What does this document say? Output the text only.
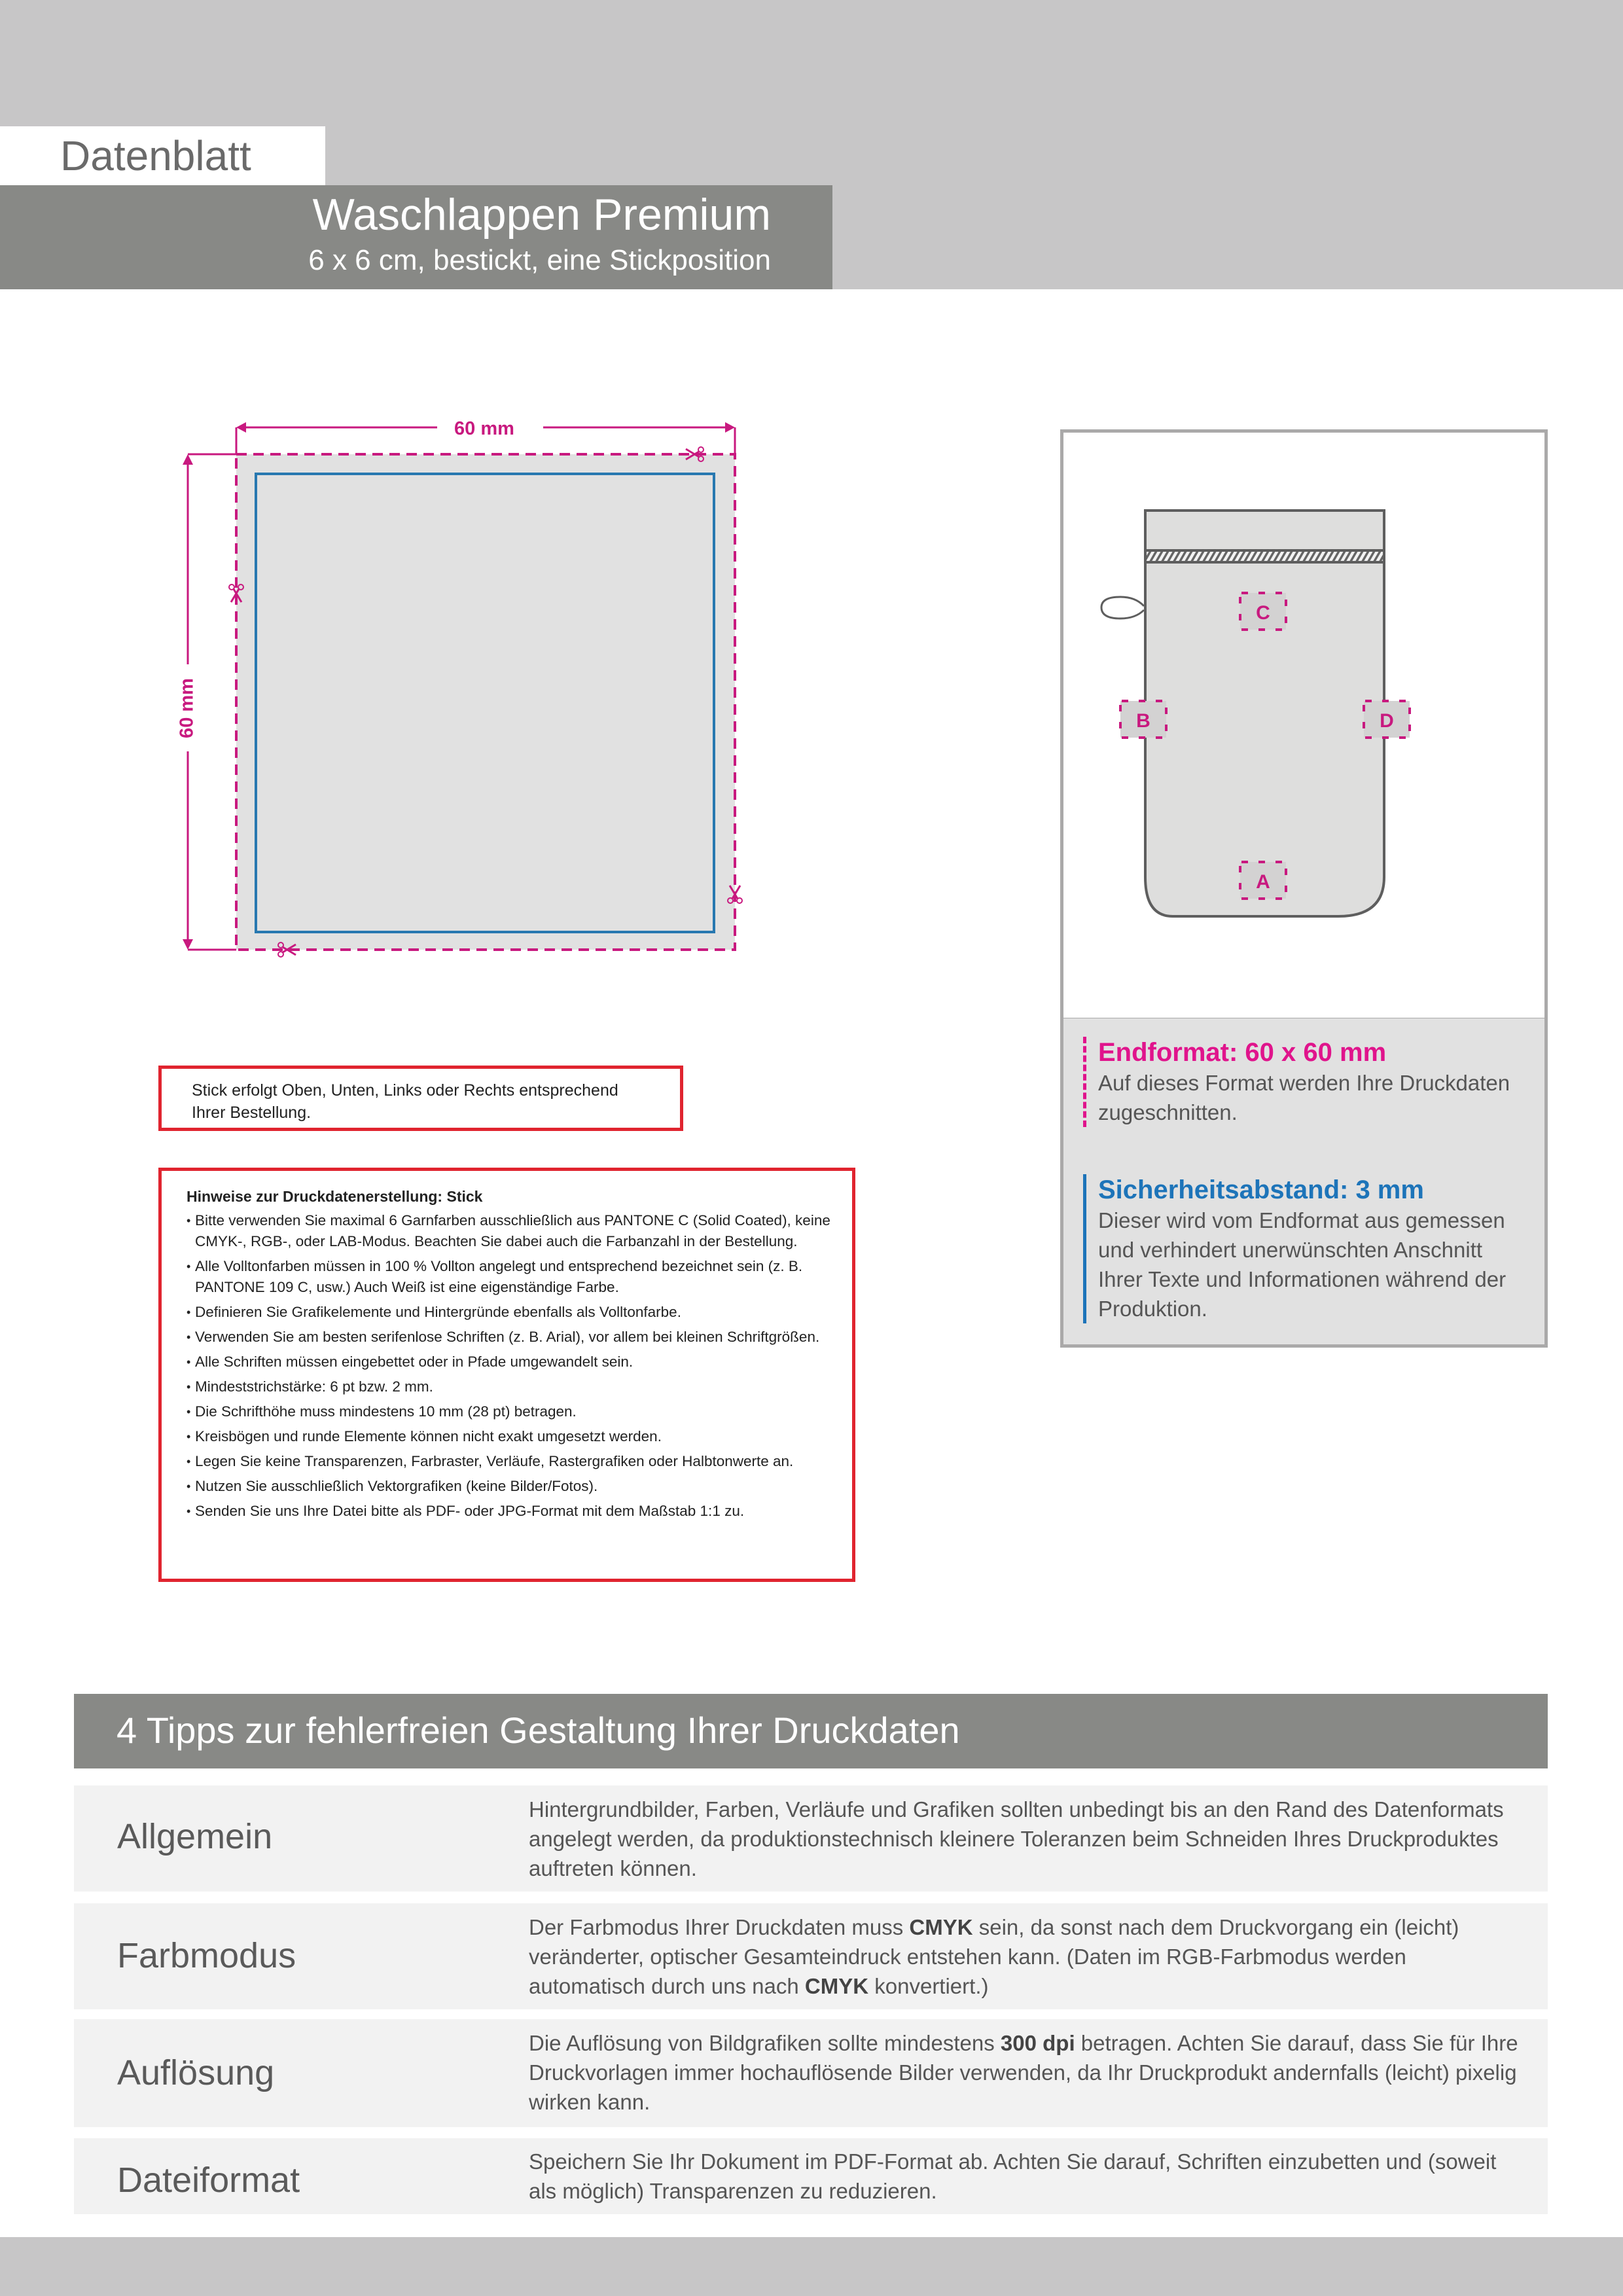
Datenblatt
Waschlappen Premium
6 x 6 cm, bestickt, eine Stickposition
60 mm
60 mm

Stick erfolgt Oben, Unten, Links oder Rechts entsprechend

Ihrer Bestellung.

Hinweise zur Druckdatenerstellung: Stick
• Bitte verwenden Sie maximal 6 Garnfarben ausschließlich aus PANTONE C (Solid Coated), keine CMYK-, RGB-, oder LAB-Modus. Beachten Sie dabei auch die Farbanzahl in der Bestellung.
• Alle Volltonfarben müssen in 100 % Vollton angelegt und entsprechend bezeichnet sein (z. B. PANTONE 109 C, usw.) Auch Weiß ist eine eigenständige Farbe.
• Definieren Sie Grafikelemente und Hintergründe ebenfalls als Volltonfarbe.
• Verwenden Sie am besten serifenlose Schriften (z. B. Arial), vor allem bei kleinen Schriftgrößen.
• Alle Schriften müssen eingebettet oder in Pfade umgewandelt sein.
• Mindeststrichstärke: 6 pt bzw. 2 mm.
• Die Schrifthöhe muss mindestens 10 mm (28 pt) betragen.
• Kreisbögen und runde Elemente können nicht exakt umgesetzt werden.
• Legen Sie keine Transparenzen, Farbraster, Verläufe, Rastergrafiken oder Halbtonwerte an.
• Nutzen Sie ausschließlich Vektorgrafiken (keine Bilder/Fotos).
• Senden Sie uns Ihre Datei bitte als PDF- oder JPG-Format mit dem Maßstab 1:1 zu.
C
B	D
A
Endformat: 60 x 60 mm
Auf dieses Format werden Ihre Druckdaten zugeschnitten.
Sicherheitsabstand: 3 mm
Dieser wird vom Endformat aus gemessen und verhindert unerwünschten Anschnitt Ihrer Texte und Informationen während der Produktion.
4 Tipps zur fehlerfreien Gestaltung Ihrer Druckdaten
Allgemein
Hintergrundbilder, Farben, Verläufe und Grafiken sollten unbedingt bis an den Rand des Datenformats angelegt werden, da produktionstechnisch kleinere Toleranzen beim Schneiden Ihres Druckproduktes auftreten können.
Farbmodus
Der Farbmodus Ihrer Druckdaten muss CMYK sein, da sonst nach dem Druckvorgang ein (leicht) veränderter, optischer Gesamteindruck entstehen kann. (Daten im RGB-Farbmodus werden automatisch durch uns nach CMYK konvertiert.)
Auflösung
Die Auflösung von Bildgrafiken sollte mindestens 300 dpi betragen. Achten Sie darauf, dass Sie für Ihre Druckvorlagen immer hochauflösende Bilder verwenden, da Ihr Druckprodukt andernfalls (leicht) pixelig wirken kann.
Dateiformat	Speichern Sie Ihr Dokument im PDF-Format ab. Achten Sie darauf, Schriften einzubetten und (soweit als möglich) Transparenzen zu reduzieren.
